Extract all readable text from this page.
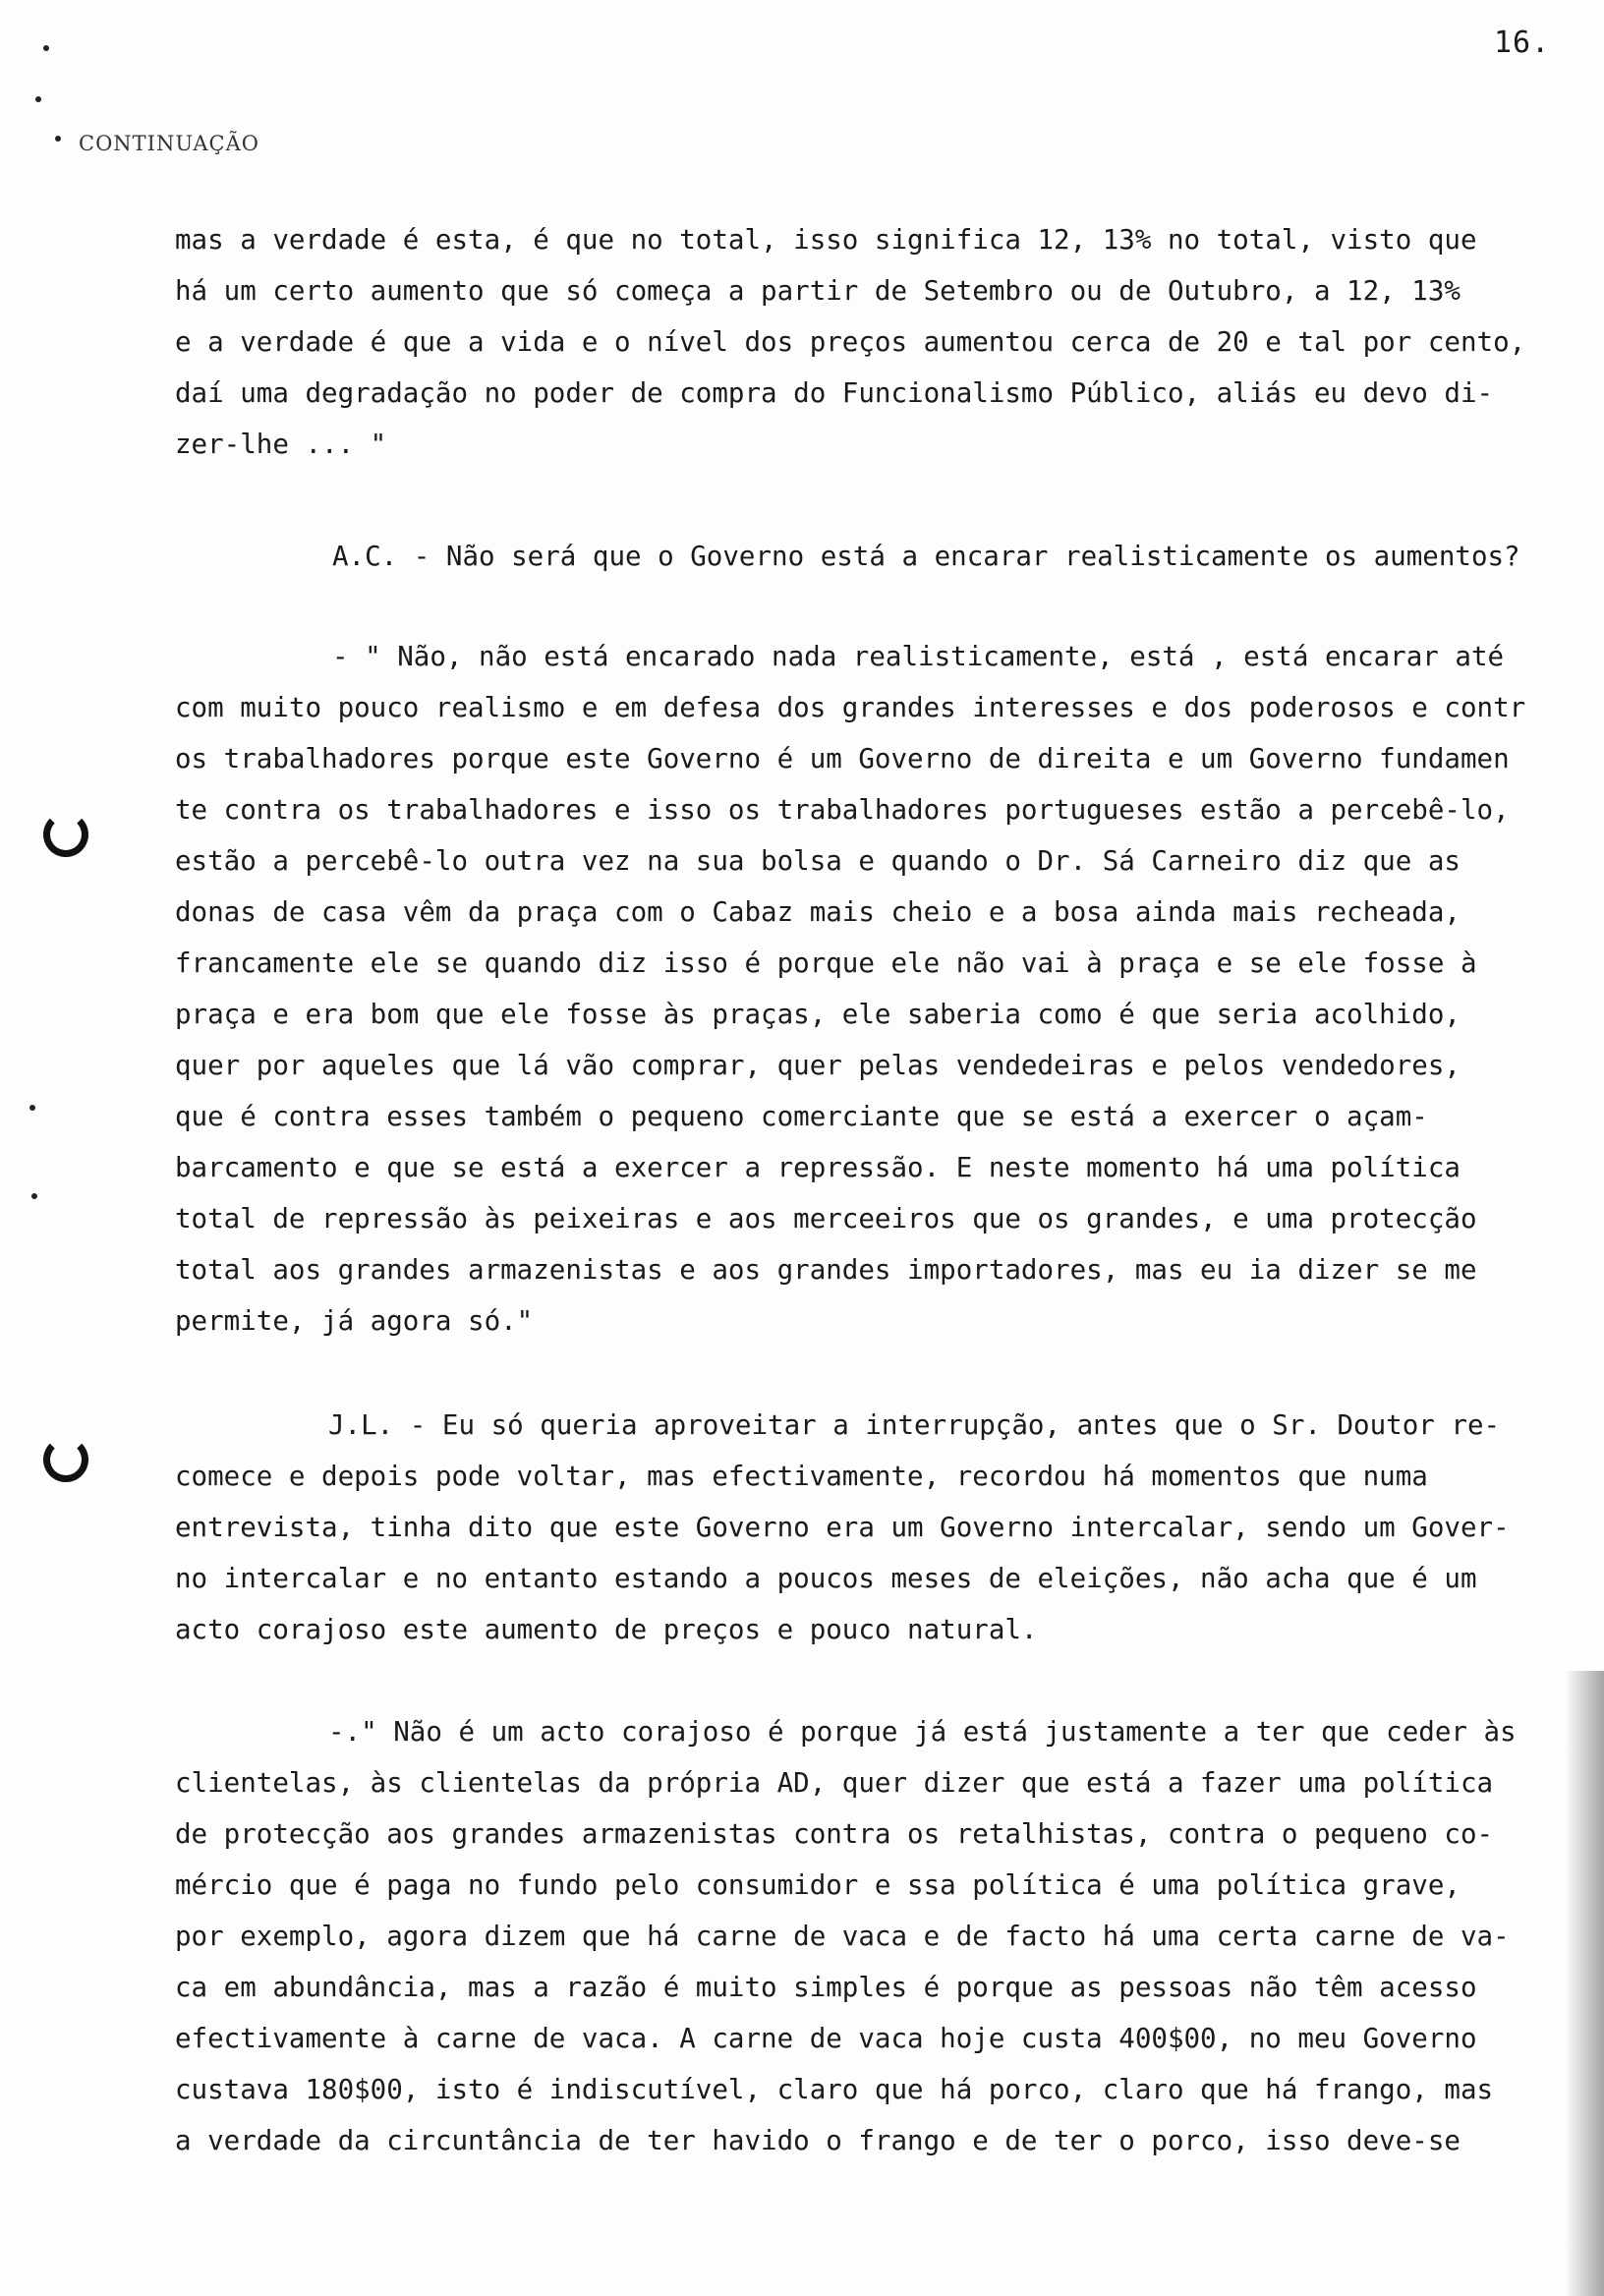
16.
CONTINUAÇÃO
mas a verdade é esta, é que no total, isso significa 12, 13% no total, visto que
há um certo aumento que só começa a partir de Setembro ou de Outubro, a 12, 13%
e a verdade é que a vida e o nível dos preços aumentou cerca de 20 e tal por cento,
daí uma degradação no poder de compra do Funcionalismo Público, aliás eu devo di-
zer-lhe ... "
A.C. - Não será que o Governo está a encarar realisticamente os aumentos?
- " Não, não está encarado nada realisticamente, está , está encarar até
com muito pouco realismo e em defesa dos grandes interesses e dos poderosos e contr
os trabalhadores porque este Governo é um Governo de direita e um Governo fundamen
te contra os trabalhadores e isso os trabalhadores portugueses estão a percebê-lo,
estão a percebê-lo outra vez na sua bolsa e quando o Dr. Sá Carneiro diz que as
donas de casa vêm da praça com o Cabaz mais cheio e a bosa ainda mais recheada,
francamente ele se quando diz isso é porque ele não vai à praça e se ele fosse à
praça e era bom que ele fosse às praças, ele saberia como é que seria acolhido,
quer por aqueles que lá vão comprar, quer pelas vendedeiras e pelos vendedores,
que é contra esses também o pequeno comerciante que se está a exercer o açam-
barcamento e que se está a exercer a repressão. E neste momento há uma política
total de repressão às peixeiras e aos merceeiros que os grandes, e uma protecção
total aos grandes armazenistas e aos grandes importadores, mas eu ia dizer se me
permite, já agora só."
J.L. - Eu só queria aproveitar a interrupção, antes que o Sr. Doutor re-
comece e depois pode voltar, mas efectivamente, recordou há momentos que numa
entrevista, tinha dito que este Governo era um Governo intercalar, sendo um Gover-
no intercalar e no entanto estando a poucos meses de eleições, não acha que é um
acto corajoso este aumento de preços e pouco natural.
-." Não é um acto corajoso é porque já está justamente a ter que ceder às
clientelas, às clientelas da própria AD, quer dizer que está a fazer uma política
de protecção aos grandes armazenistas contra os retalhistas, contra o pequeno co-
mércio que é paga no fundo pelo consumidor e ssa política é uma política grave,
por exemplo, agora dizem que há carne de vaca e de facto há uma certa carne de va-
ca em abundância, mas a razão é muito simples é porque as pessoas não têm acesso
efectivamente à carne de vaca. A carne de vaca hoje custa 400$00, no meu Governo
custava 180$00, isto é indiscutível, claro que há porco, claro que há frango, mas
a verdade da circuntância de ter havido o frango e de ter o porco, isso deve-se
